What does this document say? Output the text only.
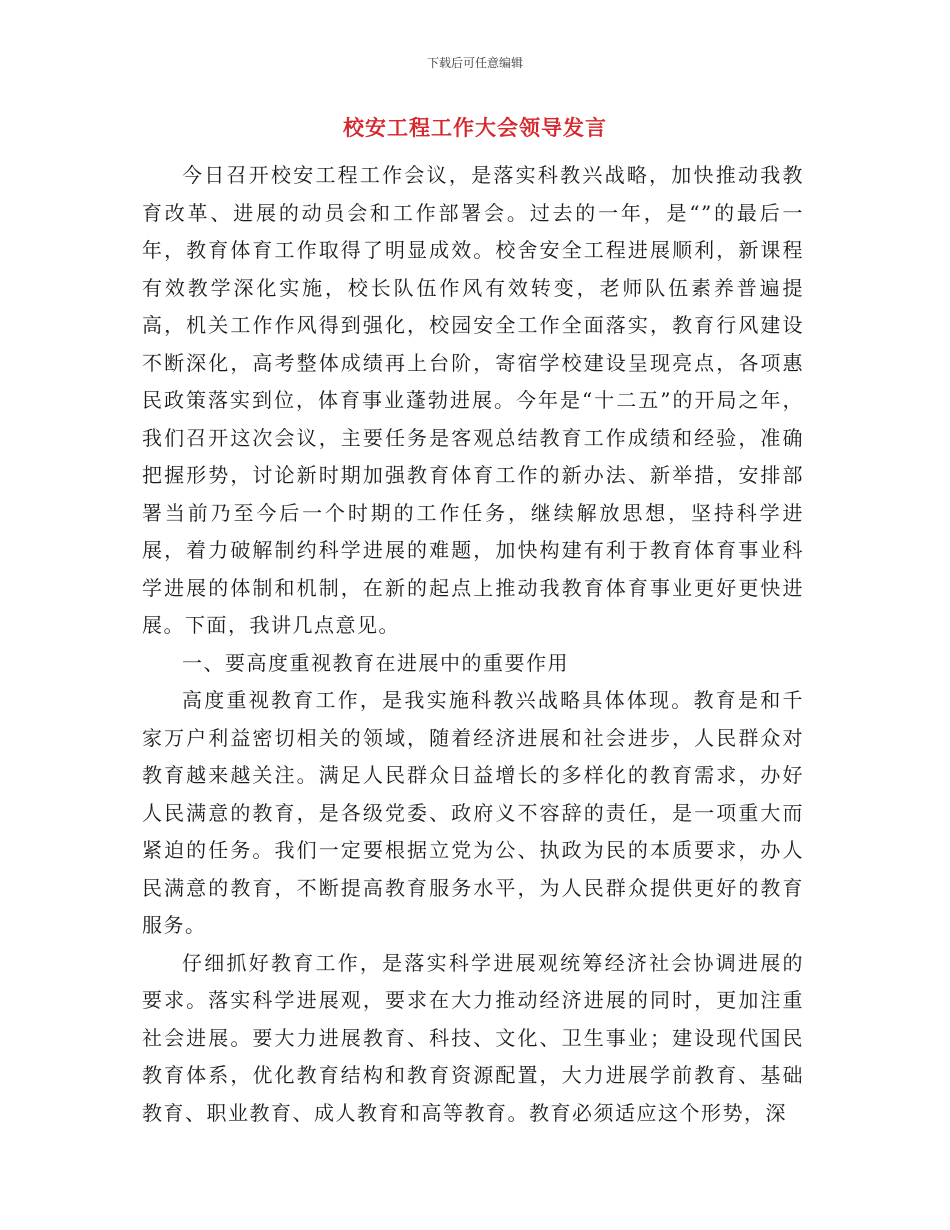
下载后可任意编辑
校安工程工作大会领导发言

今日召开校安工程工作会议，是落实科教兴战略，加快推动我教育改革、进展的动员会和工作部署会。过去的一年，是“”的最后一年，教育体育工作取得了明显成效。校舍安全工程进展顺利，新课程有效教学深化实施，校长队伍作风有效转变，老师队伍素养普遍提高，机关工作作风得到强化，校园安全工作全面落实，教育行风建设不断深化，高考整体成绩再上台阶，寄宿学校建设呈现亮点，各项惠民政策落实到位，体育事业蓬勃进展。今年是“十二五”的开局之年，我们召开这次会议，主要任务是客观总结教育工作成绩和经验，准确把握形势，讨论新时期加强教育体育工作的新办法、新举措，安排部署当前乃至今后一个时期的工作任务，继续解放思想，坚持科学进展，着力破解制约科学进展的难题，加快构建有利于教育体育事业科学进展的体制和机制，在新的起点上推动我教育体育事业更好更快进展。下面，我讲几点意见。

一、要高度重视教育在进展中的重要作用

高度重视教育工作，是我实施科教兴战略具体体现。教育是和千家万户利益密切相关的领域，随着经济进展和社会进步，人民群众对教育越来越关注。满足人民群众日益增长的多样化的教育需求，办好人民满意的教育，是各级党委、政府义不容辞的责任，是一项重大而紧迫的任务。我们一定要根据立党为公、执政为民的本质要求，办人民满意的教育，不断提高教育服务水平，为人民群众提供更好的教育服务。

仔细抓好教育工作，是落实科学进展观统筹经济社会协调进展的要求。落实科学进展观，要求在大力推动经济进展的同时，更加注重社会进展。要大力进展教育、科技、文化、卫生事业；建设现代国民教育体系，优化教育结构和教育资源配置，大力进展学前教育、基础教育、职业教育、成人教育和高等教育。教育必须适应这个形势，深
